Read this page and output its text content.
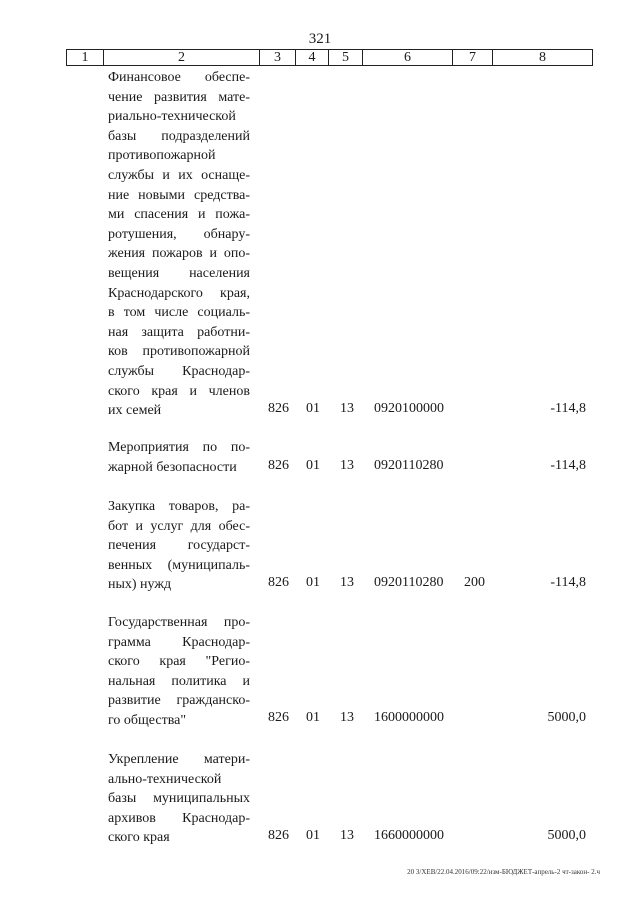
321
1	2	3	4	5	6	7	8
Финансовое обеспе-
чение развития мате-
риально-технической
базы подразделений
противопожарной
службы и их оснаще-
ние новыми средства-
ми спасения и пожа-
ротушения, обнару-
жения пожаров и опо-
вещения населения
Краснодарского края,
в том числе социаль-
ная защита работни-
ков противопожарной
службы Краснодар-
ского края и членов
их семей	826 01 13 0920100000	-114,8
Мероприятия по по-
жарной безопасности	826 01 13 0920110280	-114,8
Закупка товаров, ра-
бот и услуг для обес-
печения государст-
венных (муниципаль-
ных) нужд	826 01 13 0920110280 200	-114,8
Государственная про-
грамма Краснодар-
ского края "Регио-
нальная политика и
развитие гражданско-
го общества"	826 01 13 1600000000	5000,0
Укрепление матери-
ально-технической
базы муниципальных
архивов Краснодар-
ского края	826 01 13 1660000000	5000,0
20 3/ХЕВ/22.04.2016/09:22/изм-БЮДЖЕТ-апрель-2 чт-закон- 2.ч
